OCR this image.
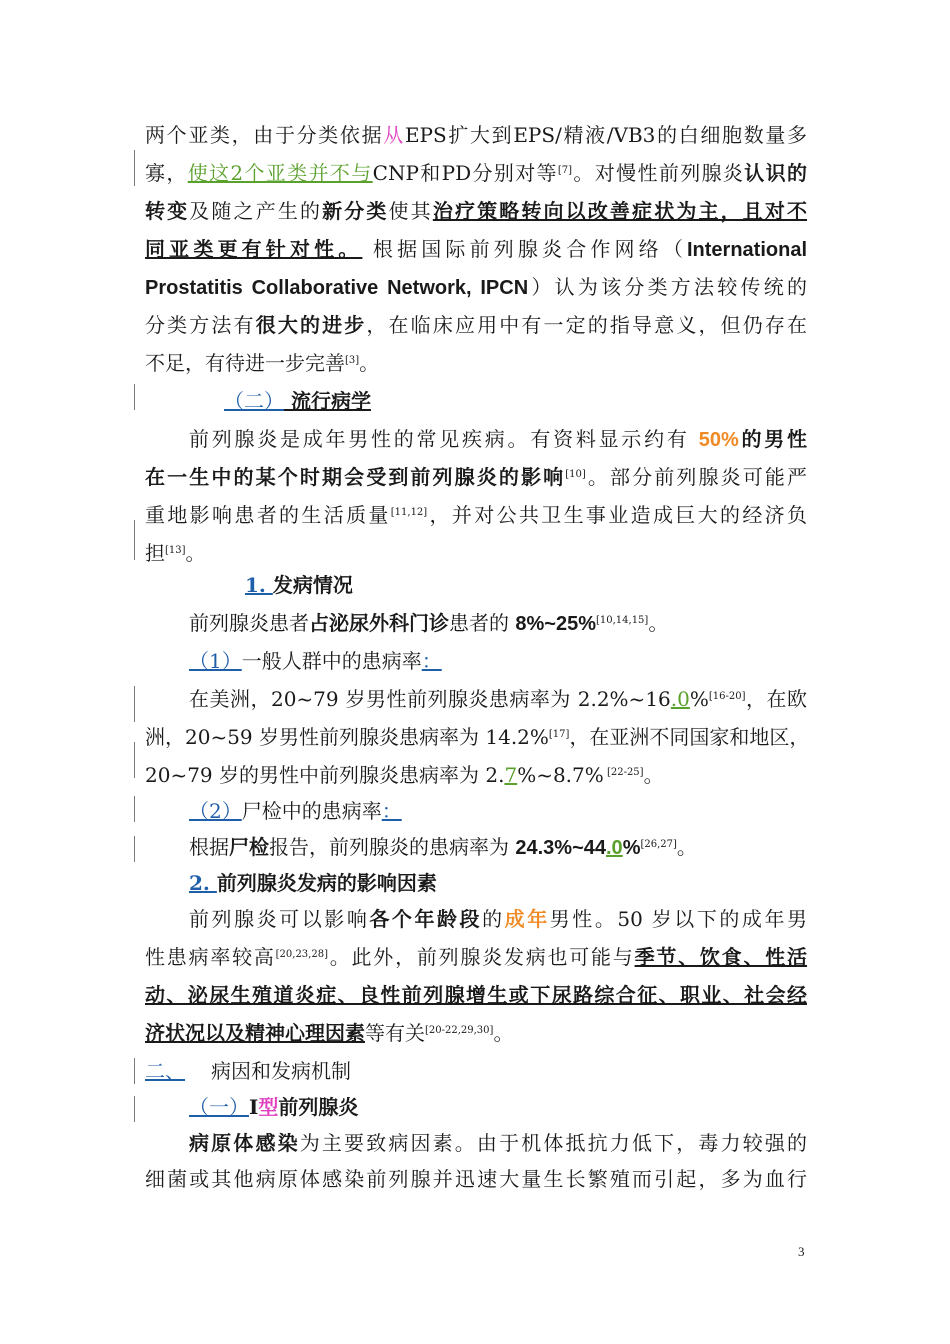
两个亚类，由于分类依据从EPS扩大到EPS/精液/VB3的白细胞数量多
寡，使这2个亚类并不与CNP和PD分别对等[7]。对慢性前列腺炎认识的
转变及随之产生的新分类使其治疗策略转向以改善症状为主，且对不
同亚类更有针对性。 根据国际前列腺炎合作网络（International
Prostatitis Collaborative Network, IPCN）认为该分类方法较传统的
分类方法有很大的进步，在临床应用中有一定的指导意义，但仍存在
不足，有待进一步完善[3]。
（二） 流行病学
前列腺炎是成年男性的常见疾病。有资料显示约有 50%的男性
在一生中的某个时期会受到前列腺炎的影响[10]。部分前列腺炎可能严
重地影响患者的生活质量[11,12]，并对公共卫生事业造成巨大的经济负
担[13]。
1. 发病情况
前列腺炎患者占泌尿外科门诊患者的 8%~25%[10,14,15]。
（1）一般人群中的患病率：
在美洲，20~79 岁男性前列腺炎患病率为 2.2%~16.0%[16-20]，在欧
洲，20~59 岁男性前列腺炎患病率为 14.2%[17]，在亚洲不同国家和地区，
20~79 岁的男性中前列腺炎患病率为 2.7%~8.7% [22-25]。
（2）尸检中的患病率：
根据尸检报告，前列腺炎的患病率为 24.3%~44.0%[26,27]。
2. 前列腺炎发病的影响因素
前列腺炎可以影响各个年龄段的成年男性。50 岁以下的成年男
性患病率较高[20,23,28]。此外，前列腺炎发病也可能与季节、饮食、性活
动、泌尿生殖道炎症、良性前列腺增生或下尿路综合征、职业、社会经
济状况以及精神心理因素等有关[20-22,29,30]。
二、 病因和发病机制
（一）Ⅰ型前列腺炎
病原体感染为主要致病因素。由于机体抵抗力低下，毒力较强的
细菌或其他病原体感染前列腺并迅速大量生长繁殖而引起，多为血行
3
